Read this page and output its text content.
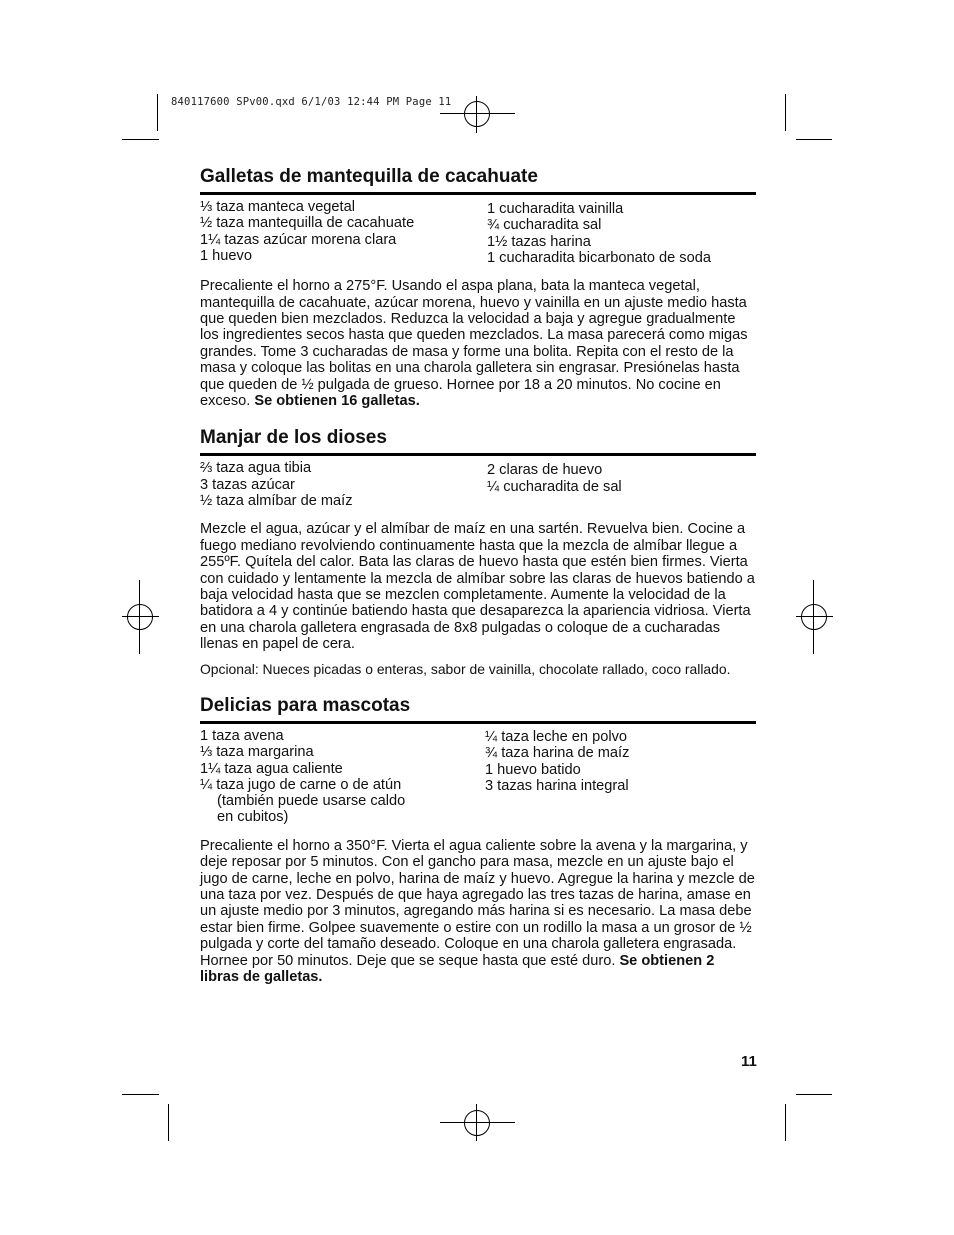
840117600 SPv00.qxd 6/1/03 12:44 PM Page 11
Galletas de mantequilla de cacahuate
⅓ taza manteca vegetal
½ taza mantequilla de cacahuate
1¼ tazas azúcar morena clara
1 huevo
1 cucharadita vainilla
¾ cucharadita sal
1½ tazas harina
1 cucharadita bicarbonato de soda

Precaliente el horno a 275°F. Usando el aspa plana, bata la manteca vegetal, mantequilla de cacahuate, azúcar morena, huevo y vainilla en un ajuste medio hasta que queden bien mezclados. Reduzca la velocidad a baja y agregue gradualmente los ingredientes secos hasta que queden mezclados. La masa parecerá como migas grandes. Tome 3 cucharadas de masa y forme una bolita. Repita con el resto de la masa y coloque las bolitas en una charola galletera sin engrasar. Presiónelas hasta que queden de ½ pulgada de grueso. Hornee por 18 a 20 minutos. No cocine en exceso. Se obtienen 16 galletas.

Manjar de los dioses
⅔ taza agua tibia
3 tazas azúcar
½ taza almíbar de maíz
2 claras de huevo
¼ cucharadita de sal

Mezcle el agua, azúcar y el almíbar de maíz en una sartén. Revuelva bien. Cocine a fuego mediano revolviendo continuamente hasta que la mezcla de almíbar llegue a 255ºF. Quítela del calor. Bata las claras de huevo hasta que estén bien firmes. Vierta con cuidado y lentamente la mezcla de almíbar sobre las claras de huevos batiendo a baja velocidad hasta que se mezclen completamente. Aumente la velocidad de la batidora a 4 y continúe batiendo hasta que desaparezca la apariencia vidriosa. Vierta en una charola galletera engrasada de 8x8 pulgadas o coloque de a cucharadas llenas en papel de cera.

Opcional: Nueces picadas o enteras, sabor de vainilla, chocolate rallado, coco rallado.

Delicias para mascotas
1 taza avena
⅓ taza margarina
1¼ taza agua caliente
¼ taza jugo de carne o de atún
(también puede usarse caldo
en cubitos)
¼ taza leche en polvo
¾ taza harina de maíz
1 huevo batido
3 tazas harina integral

Precaliente el horno a 350°F. Vierta el agua caliente sobre la avena y la margarina, y deje reposar por 5 minutos. Con el gancho para masa, mezcle en un ajuste bajo el jugo de carne, leche en polvo, harina de maíz y huevo. Agregue la harina y mezcle de una taza por vez. Después de que haya agregado las tres tazas de harina, amase en un ajuste medio por 3 minutos, agregando más harina si es necesario. La masa debe estar bien firme. Golpee suavemente o estire con un rodillo la masa a un grosor de ½ pulgada y corte del tamaño deseado. Coloque en una charola galletera engrasada. Hornee por 50 minutos. Deje que se seque hasta que esté duro. Se obtienen 2 libras de galletas.

11
